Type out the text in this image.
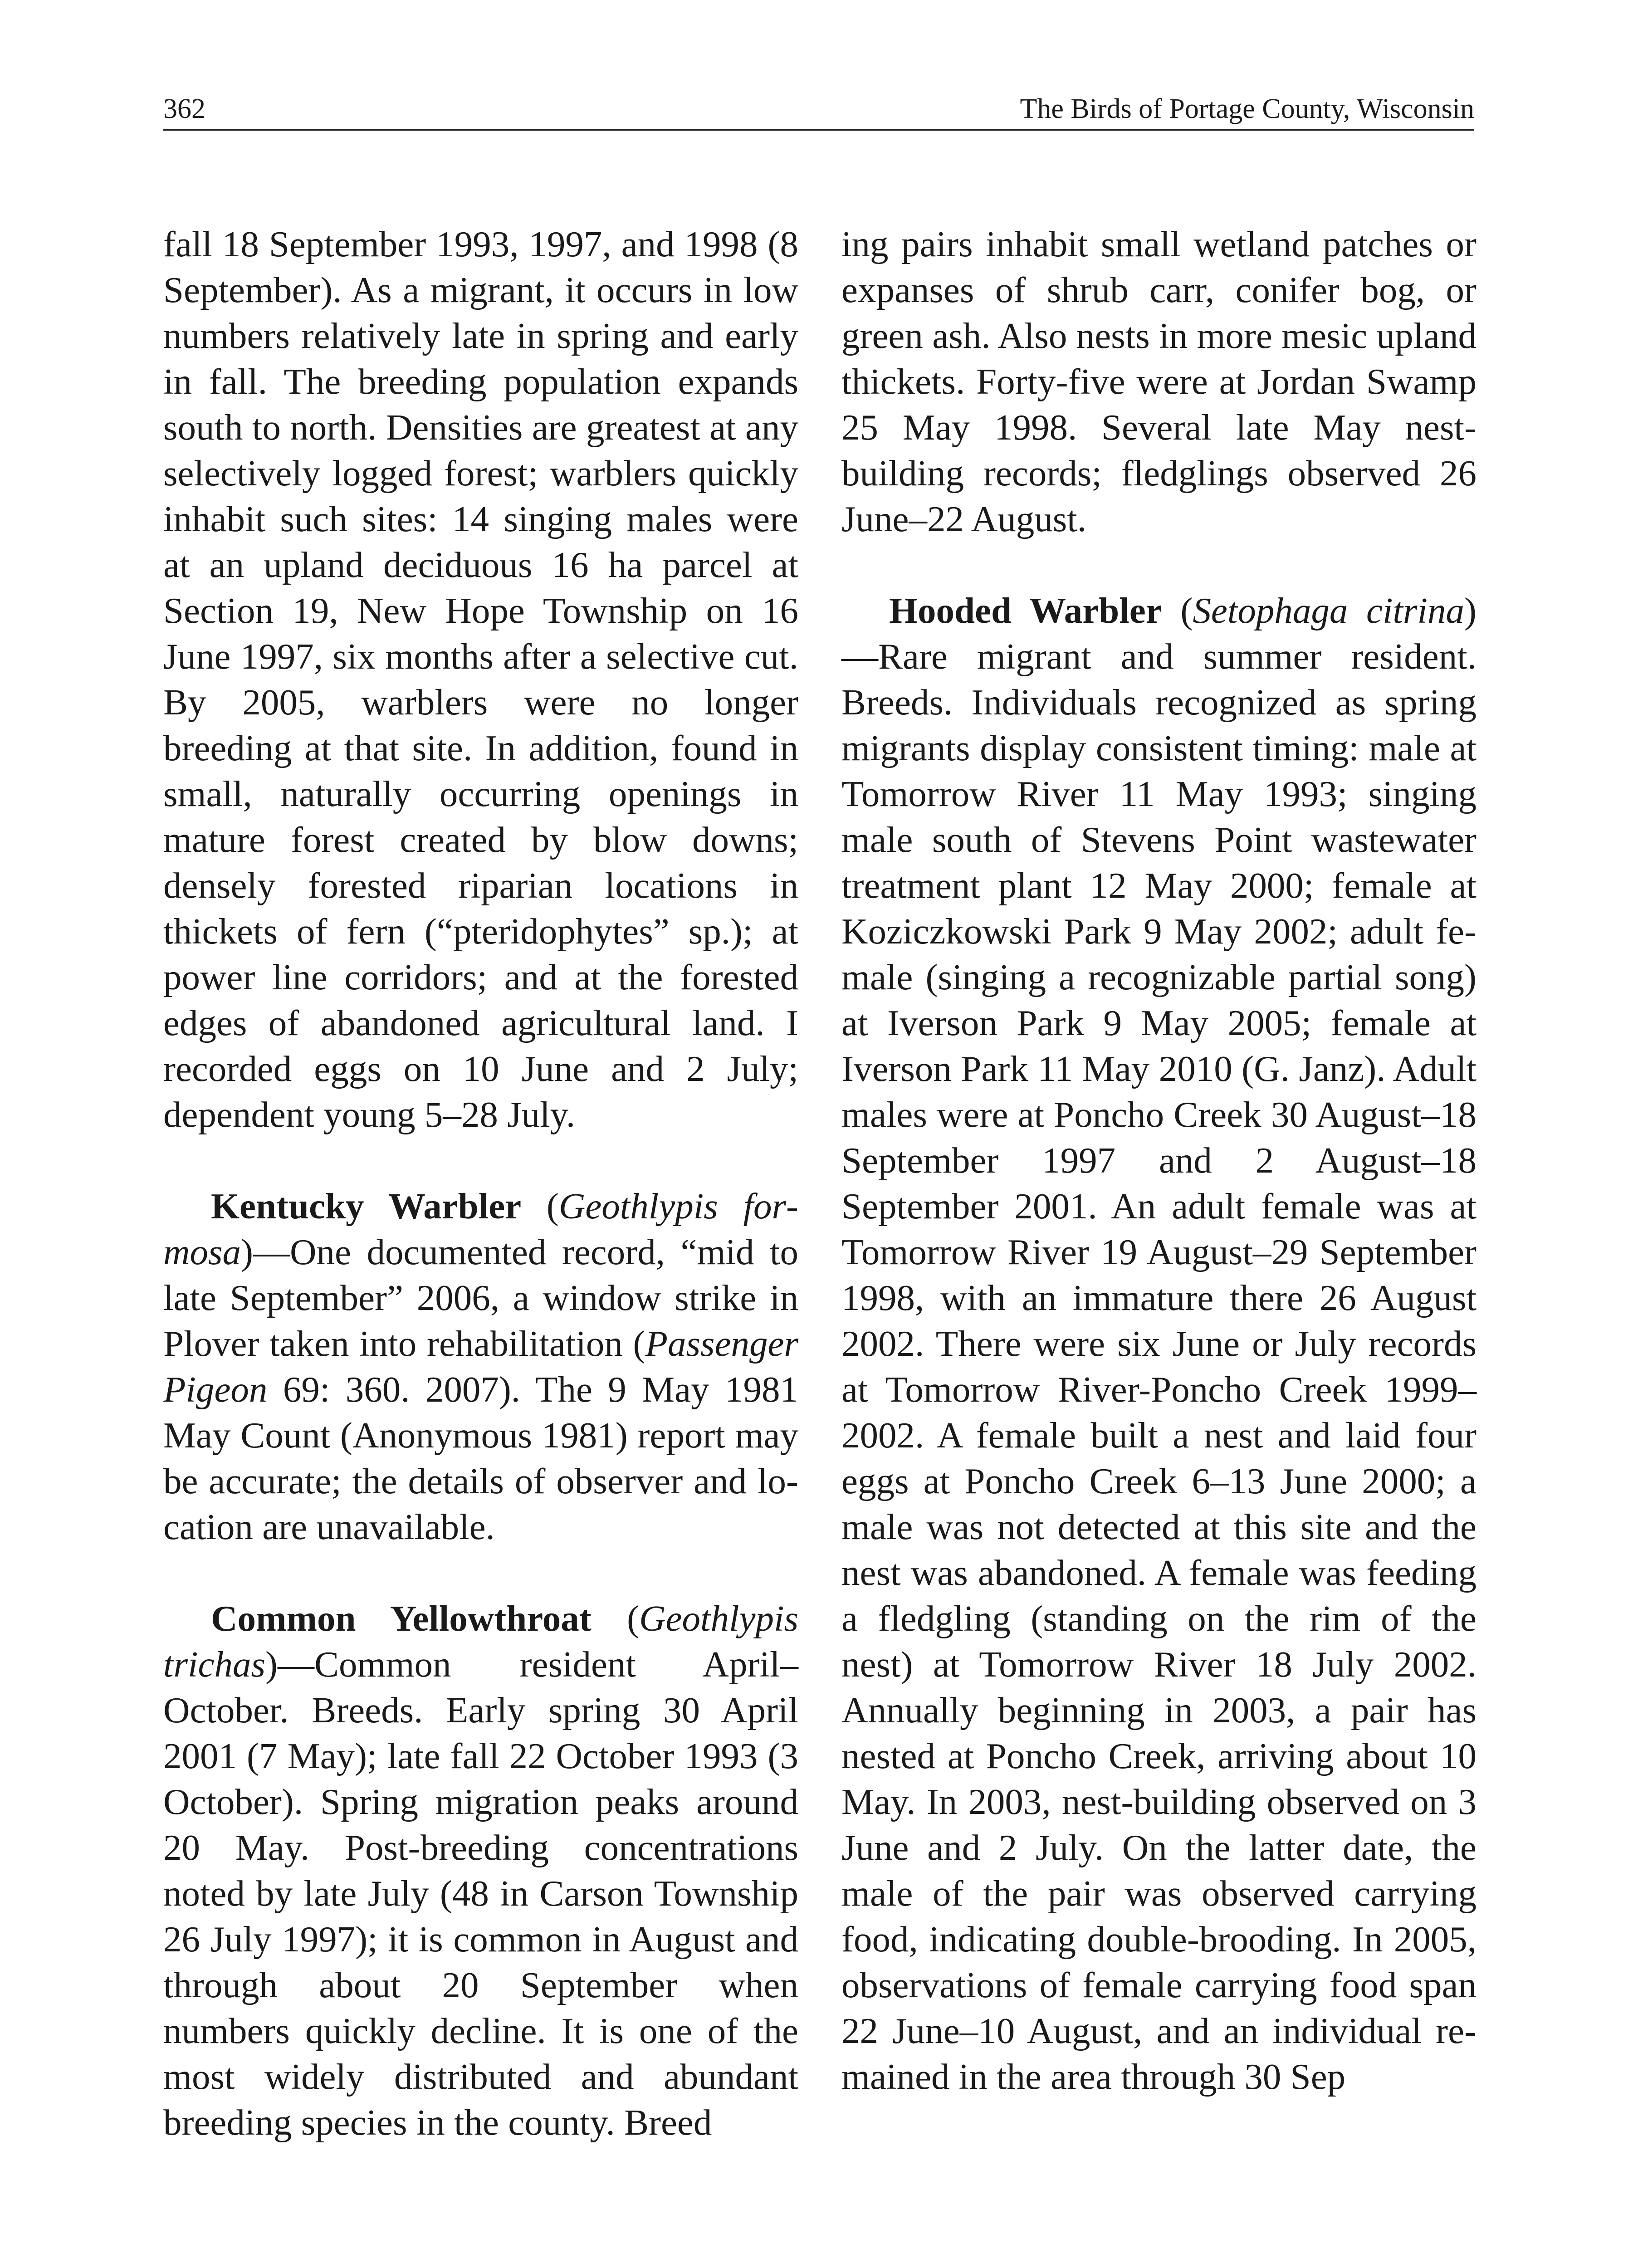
362	The Birds of Portage County, Wisconsin

fall 18 September 1993, 1997, and 1998 (8 September). As a migrant, it occurs in low numbers relatively late in spring and early in fall. The breeding population expands south to north. Densities are greatest at any selectively logged forest; warblers quickly inhabit such sites: 14 singing males were at an upland deciduous 16 ha parcel at Section 19, New Hope Township on 16 June 1997, six months after a selective cut. By 2005, warblers were no longer breeding at that site. In addition, found in small, naturally occurring openings in mature forest created by blow downs; densely forested riparian locations in thickets of fern (“pteridophytes” sp.); at power line corridors; and at the forested edges of abandoned agricultural land. I recorded eggs on 10 June and 2 July; dependent young 5–28 July.

Kentucky Warbler (Geothlypis formosa)—One documented record, “mid to late September” 2006, a window strike in Plover taken into rehabilitation (Passenger Pigeon 69: 360. 2007). The 9 May 1981 May Count (Anonymous 1981) report may be accurate; the details of observer and location are unavailable.

Common Yellowthroat (Geothlypis trichas)—Common resident April–October. Breeds. Early spring 30 April 2001 (7 May); late fall 22 October 1993 (3 October). Spring migration peaks around 20 May. Post-breeding concentrations noted by late July (48 in Carson Township 26 July 1997); it is common in August and through about 20 September when numbers quickly decline. It is one of the most widely distributed and abundant breeding species in the county. Breed

ing pairs inhabit small wetland patches or expanses of shrub carr, conifer bog, or green ash. Also nests in more mesic upland thickets. Forty-five were at Jordan Swamp 25 May 1998. Several late May nest-building records; fledglings observed 26 June–22 August.

Hooded Warbler (Setophaga citrina)—Rare migrant and summer resident. Breeds. Individuals recognized as spring migrants display consistent timing: male at Tomorrow River 11 May 1993; singing male south of Stevens Point wastewater treatment plant 12 May 2000; female at Koziczkowski Park 9 May 2002; adult female (singing a recognizable partial song) at Iverson Park 9 May 2005; female at Iverson Park 11 May 2010 (G. Janz). Adult males were at Poncho Creek 30 August–18 September 1997 and 2 August–18 September 2001. An adult female was at Tomorrow River 19 August–29 September 1998, with an immature there 26 August 2002. There were six June or July records at Tomorrow River-Poncho Creek 1999–2002. A female built a nest and laid four eggs at Poncho Creek 6–13 June 2000; a male was not detected at this site and the nest was abandoned. A female was feeding a fledgling (standing on the rim of the nest) at Tomorrow River 18 July 2002. Annually beginning in 2003, a pair has nested at Poncho Creek, arriving about 10 May. In 2003, nest-building observed on 3 June and 2 July. On the latter date, the male of the pair was observed carrying food, indicating double-brooding. In 2005, observations of female carrying food span 22 June–10 August, and an individual remained in the area through 30 Sep
